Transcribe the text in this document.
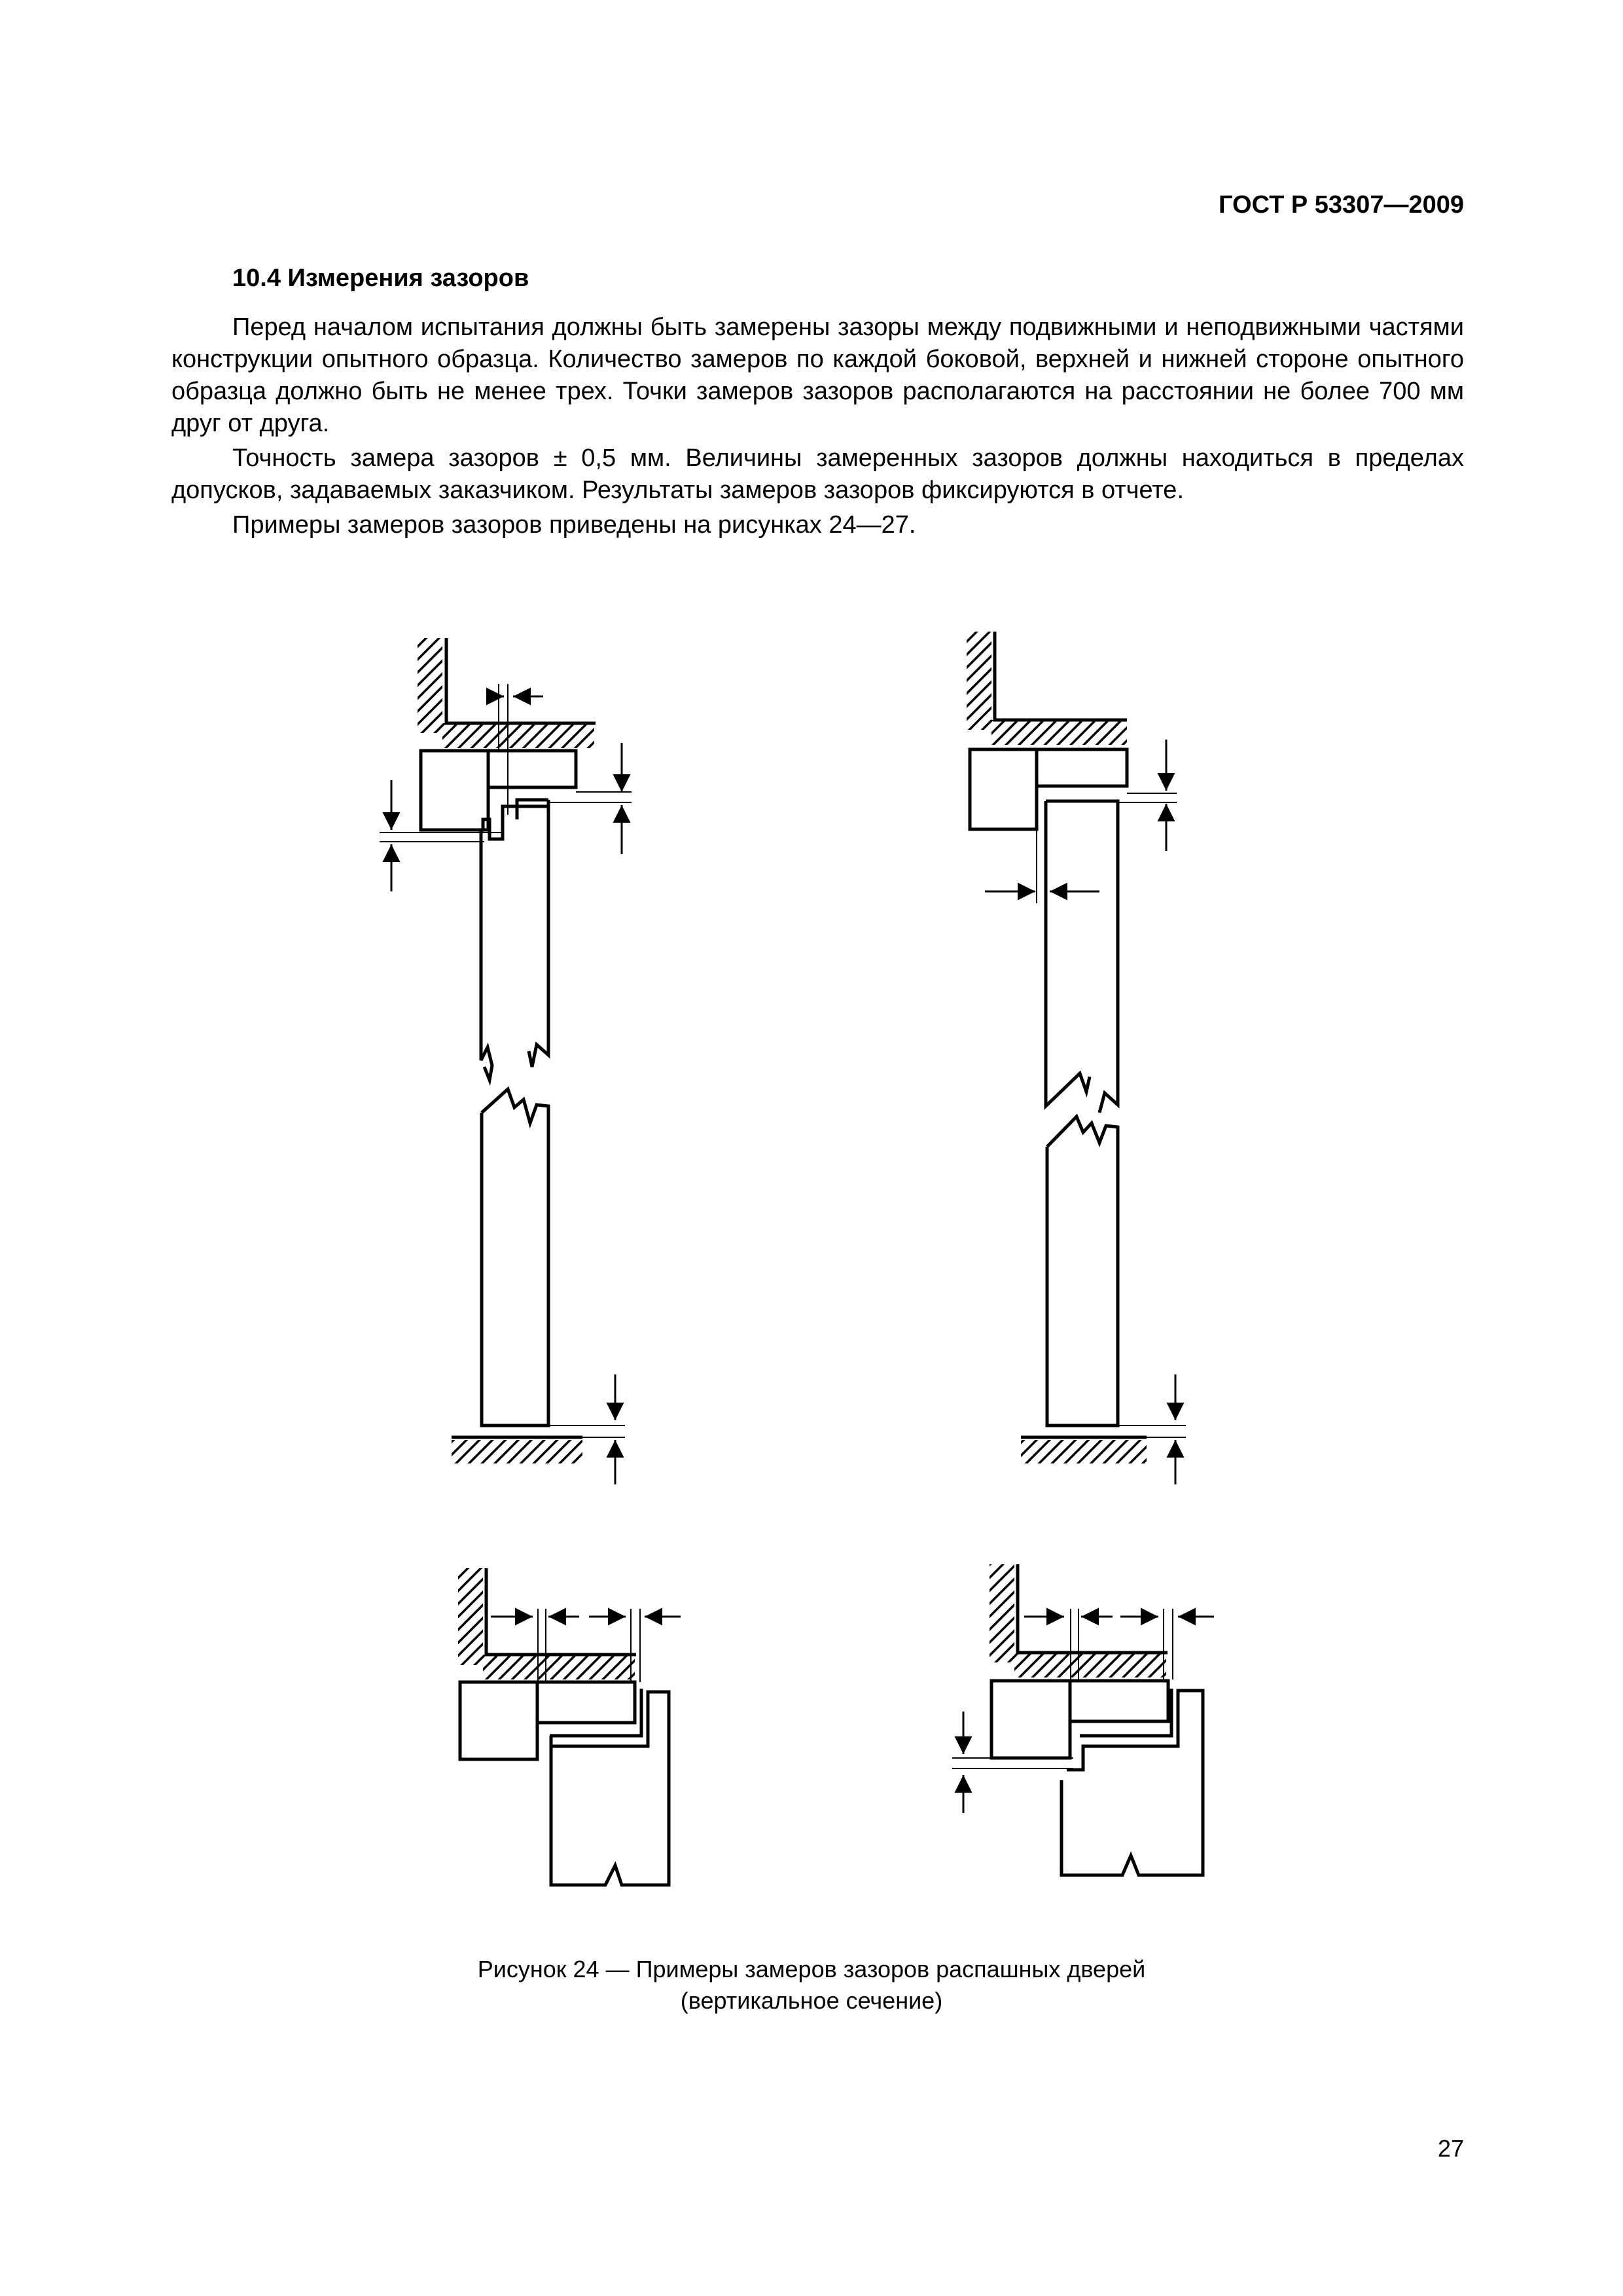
ГОСТ Р 53307—2009
10.4 Измерения зазоров

Перед началом испытания должны быть замерены зазоры между подвижными и неподвижными частями конструкции опытного образца. Количество замеров по каждой боковой, верхней и нижней стороне опытного образца должно быть не менее трех. Точки замеров зазоров располагаются на расстоянии не более 700 мм друг от друга.

Точность замера зазоров ± 0,5 мм. Величины замеренных зазоров должны находиться в пределах допусков, задаваемых заказчиком. Результаты замеров зазоров фиксируются в отчете.

Примеры замеров зазоров приведены на рисунках 24—27.

Рисунок 24 — Примеры замеров зазоров распашных дверей
(вертикальное сечение)
27
